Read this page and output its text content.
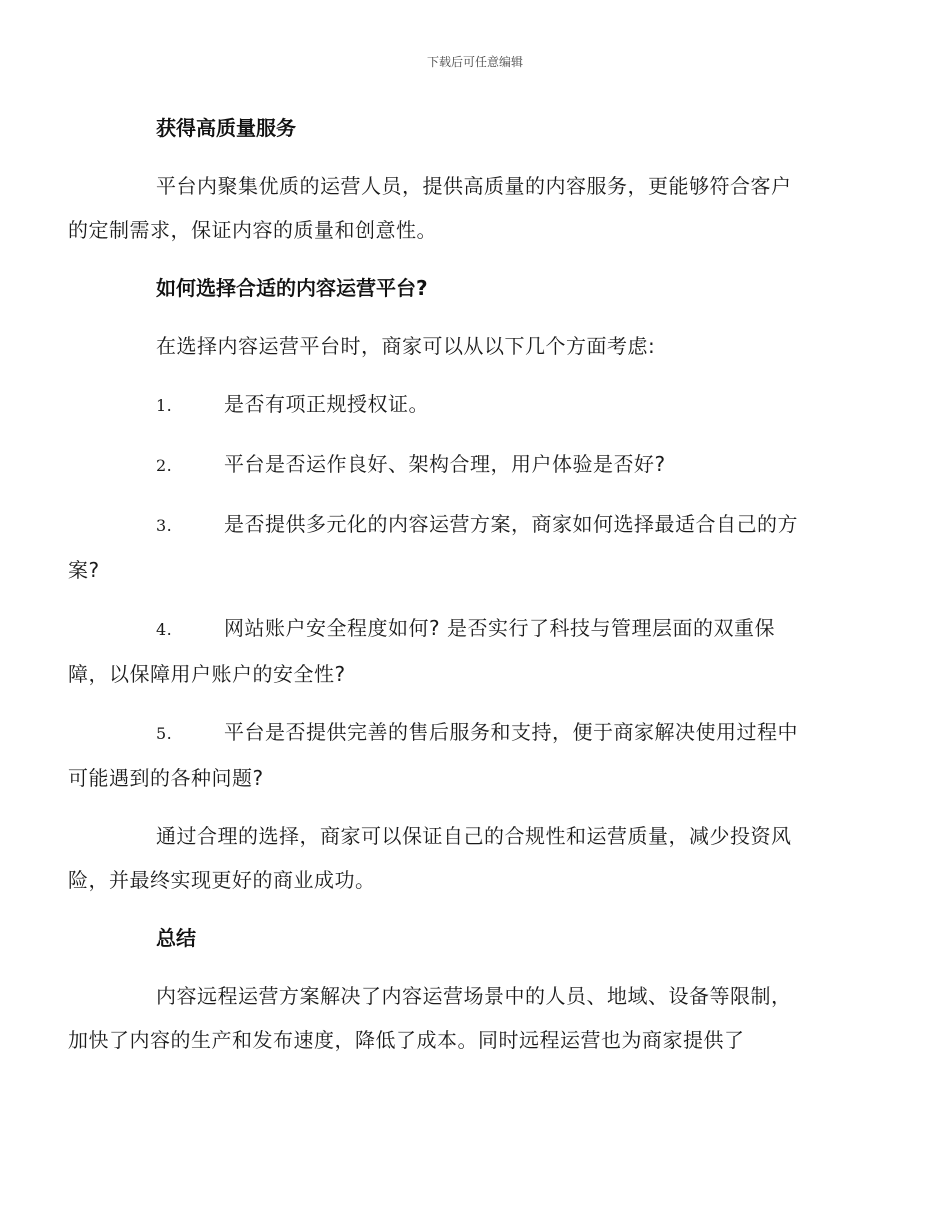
下载后可任意编辑

获得高质量服务

平台内聚集优质的运营人员，提供高质量的内容服务，更能够符合客户
的定制需求，保证内容的质量和创意性。

如何选择合适的内容运营平台?

在选择内容运营平台时，商家可以从以下几个方面考虑:

1.	是否有项正规授权证。

2.	平台是否运作良好、架构合理，用户体验是否好?

3.	是否提供多元化的内容运营方案，商家如何选择最适合自己的方
案?

4.	网站账户安全程度如何? 是否实行了科技与管理层面的双重保
障，以保障用户账户的安全性?

5.	平台是否提供完善的售后服务和支持，便于商家解决使用过程中
可能遇到的各种问题?

通过合理的选择，商家可以保证自己的合规性和运营质量，减少投资风
险，并最终实现更好的商业成功。

总结

内容远程运营方案解决了内容运营场景中的人员、地域、设备等限制，
加快了内容的生产和发布速度，降低了成本。同时远程运营也为商家提供了
